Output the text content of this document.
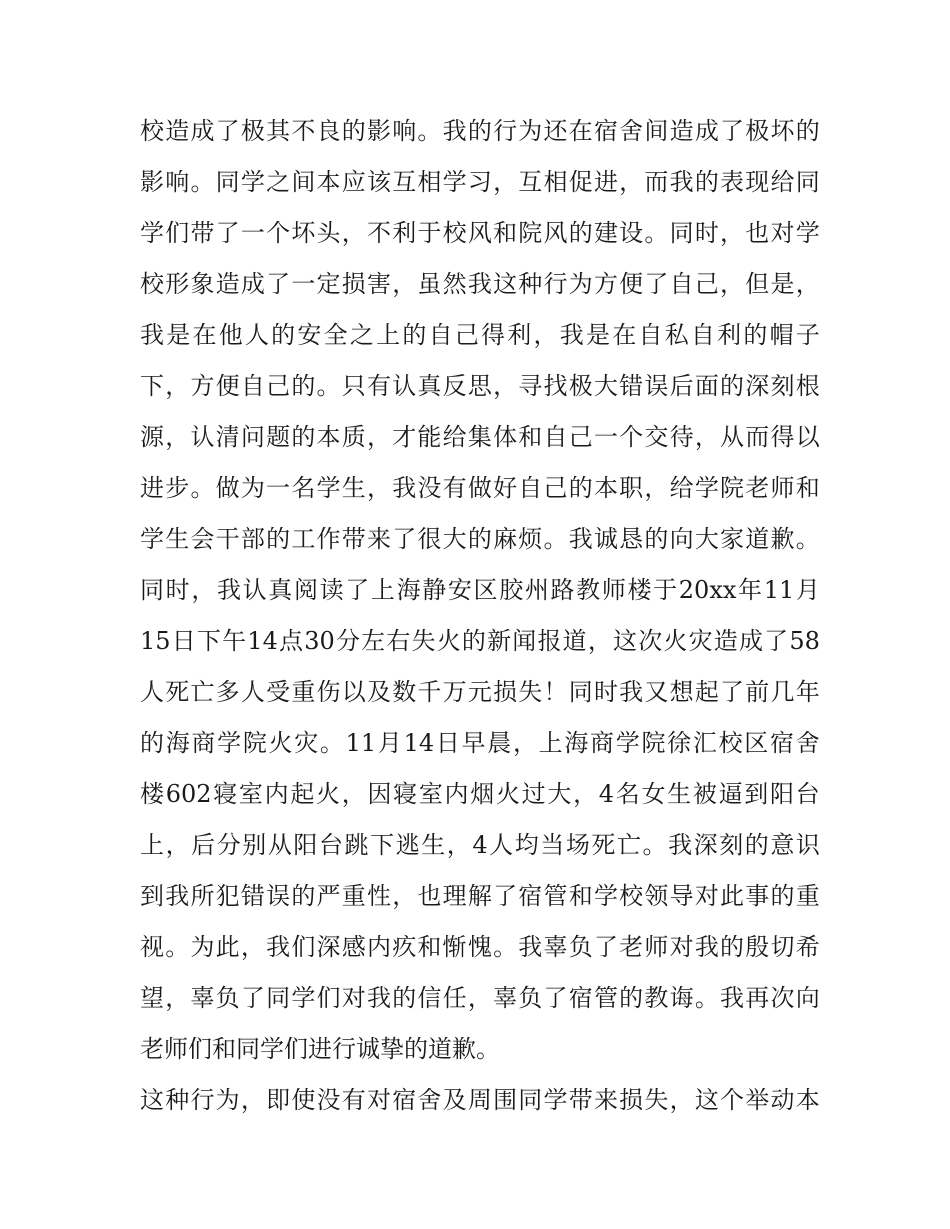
校 造 成 了 极 其 不 良 的 影 响 。 我 的 行 为 还 在 宿 舍 间 造 成 了 极 坏 的
影 响 。 同 学 之 间 本 应 该 互 相 学 习 ， 互 相 促 进 ， 而 我 的 表 现 给 同
学 们 带 了 一 个 坏 头 ， 不 利 于 校 风 和 院 风 的 建 设 。 同 时 ， 也 对 学
校 形 象 造 成 了 一 定 损 害 ， 虽 然 我 这 种 行 为 方 便 了 自 己 ， 但 是 ，
我 是 在 他 人 的 安 全 之 上 的 自 己 得 利 ， 我 是 在 自 私 自 利 的 帽 子
下 ， 方 便 自 己 的 。 只 有 认 真 反 思 ， 寻 找 极 大 错 误 后 面 的 深 刻 根
源 ， 认 清 问 题 的 本 质 ， 才 能 给 集 体 和 自 己 一 个 交 待 ， 从 而 得 以
进 步 。 做 为 一 名 学 生 ， 我 没 有 做 好 自 己 的 本 职 ， 给 学 院 老 师 和
学 生 会 干 部 的 工 作 带 来 了 很 大 的 麻 烦 。 我 诚 恳 的 向 大 家 道 歉 。
同 时 ， 我 认 真 阅 读 了 上 海 静 安 区 胶 州 路 教 师 楼 于 20xx 年 11 月
15 日 下 午 14 点 30 分 左 右 失 火 的 新 闻 报 道 ， 这 次 火 灾 造 成 了 58
人 死 亡 多 人 受 重 伤 以 及 数 千 万 元 损 失 ！ 同 时 我 又 想 起 了 前 几 年
的 海 商 学 院 火 灾 。 11 月 14 日 早 晨 ， 上 海 商 学 院 徐 汇 校 区 宿 舍
楼 602 寝 室 内 起 火 ， 因 寝 室 内 烟 火 过 大 ， 4 名 女 生 被 逼 到 阳 台
上 ， 后 分 别 从 阳 台 跳 下 逃 生 ， 4 人 均 当 场 死 亡 。 我 深 刻 的 意 识
到 我 所 犯 错 误 的 严 重 性 ， 也 理 解 了 宿 管 和 学 校 领 导 对 此 事 的 重
视 。 为 此 ， 我 们 深 感 内 疚 和 惭 愧 。 我 辜 负 了 老 师 对 我 的 殷 切 希
望 ， 辜 负 了 同 学 们 对 我 的 信 任 ， 辜 负 了 宿 管 的 教 诲 。 我 再 次 向
老师们和同学们进行诚挚的道歉。
这 种 行 为 ， 即 使 没 有 对 宿 舍 及 周 围 同 学 带 来 损 失 ， 这 个 举 动 本
